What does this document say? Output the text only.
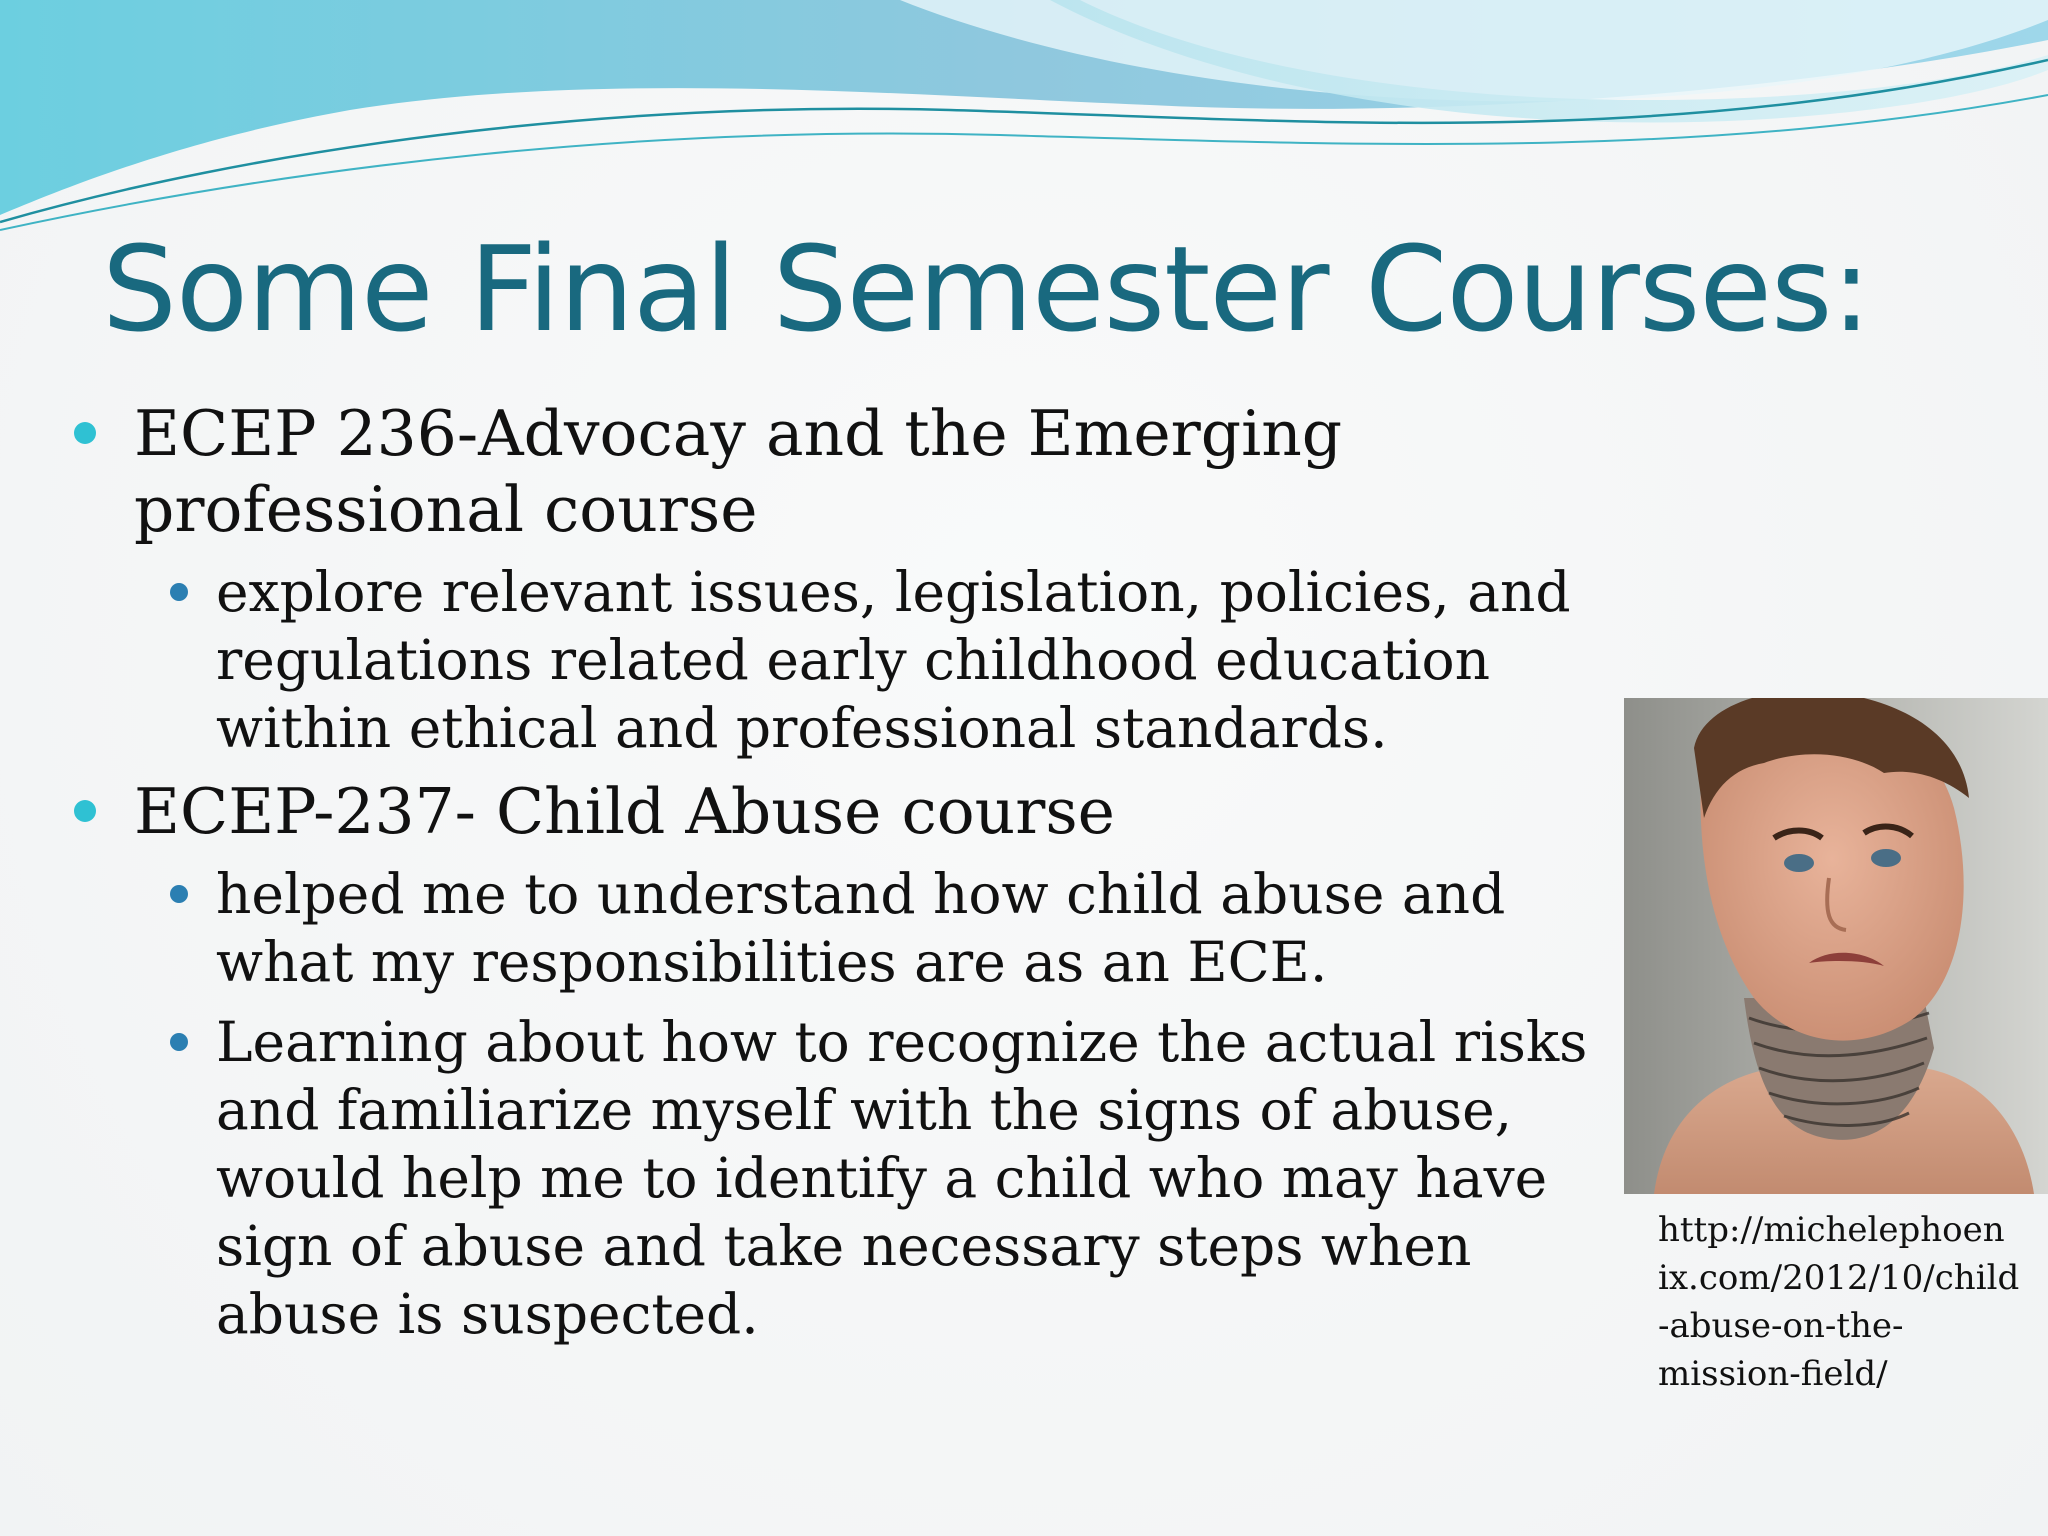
Some Final Semester Courses:
ECEP 236-Advocay and the Emerging professional course
explore relevant issues, legislation, policies, and regulations related early childhood education within ethical and professional standards.
ECEP-237- Child Abuse course
helped me to understand how child abuse and what my responsibilities are as an ECE.
Learning about how to recognize the actual risks and familiarize myself with the signs of abuse, would help me to identify a child who may have sign of abuse and take necessary steps when abuse is suspected.
http://michelephoen
ix.com/2012/10/child
-abuse-on-the-
mission-field/
